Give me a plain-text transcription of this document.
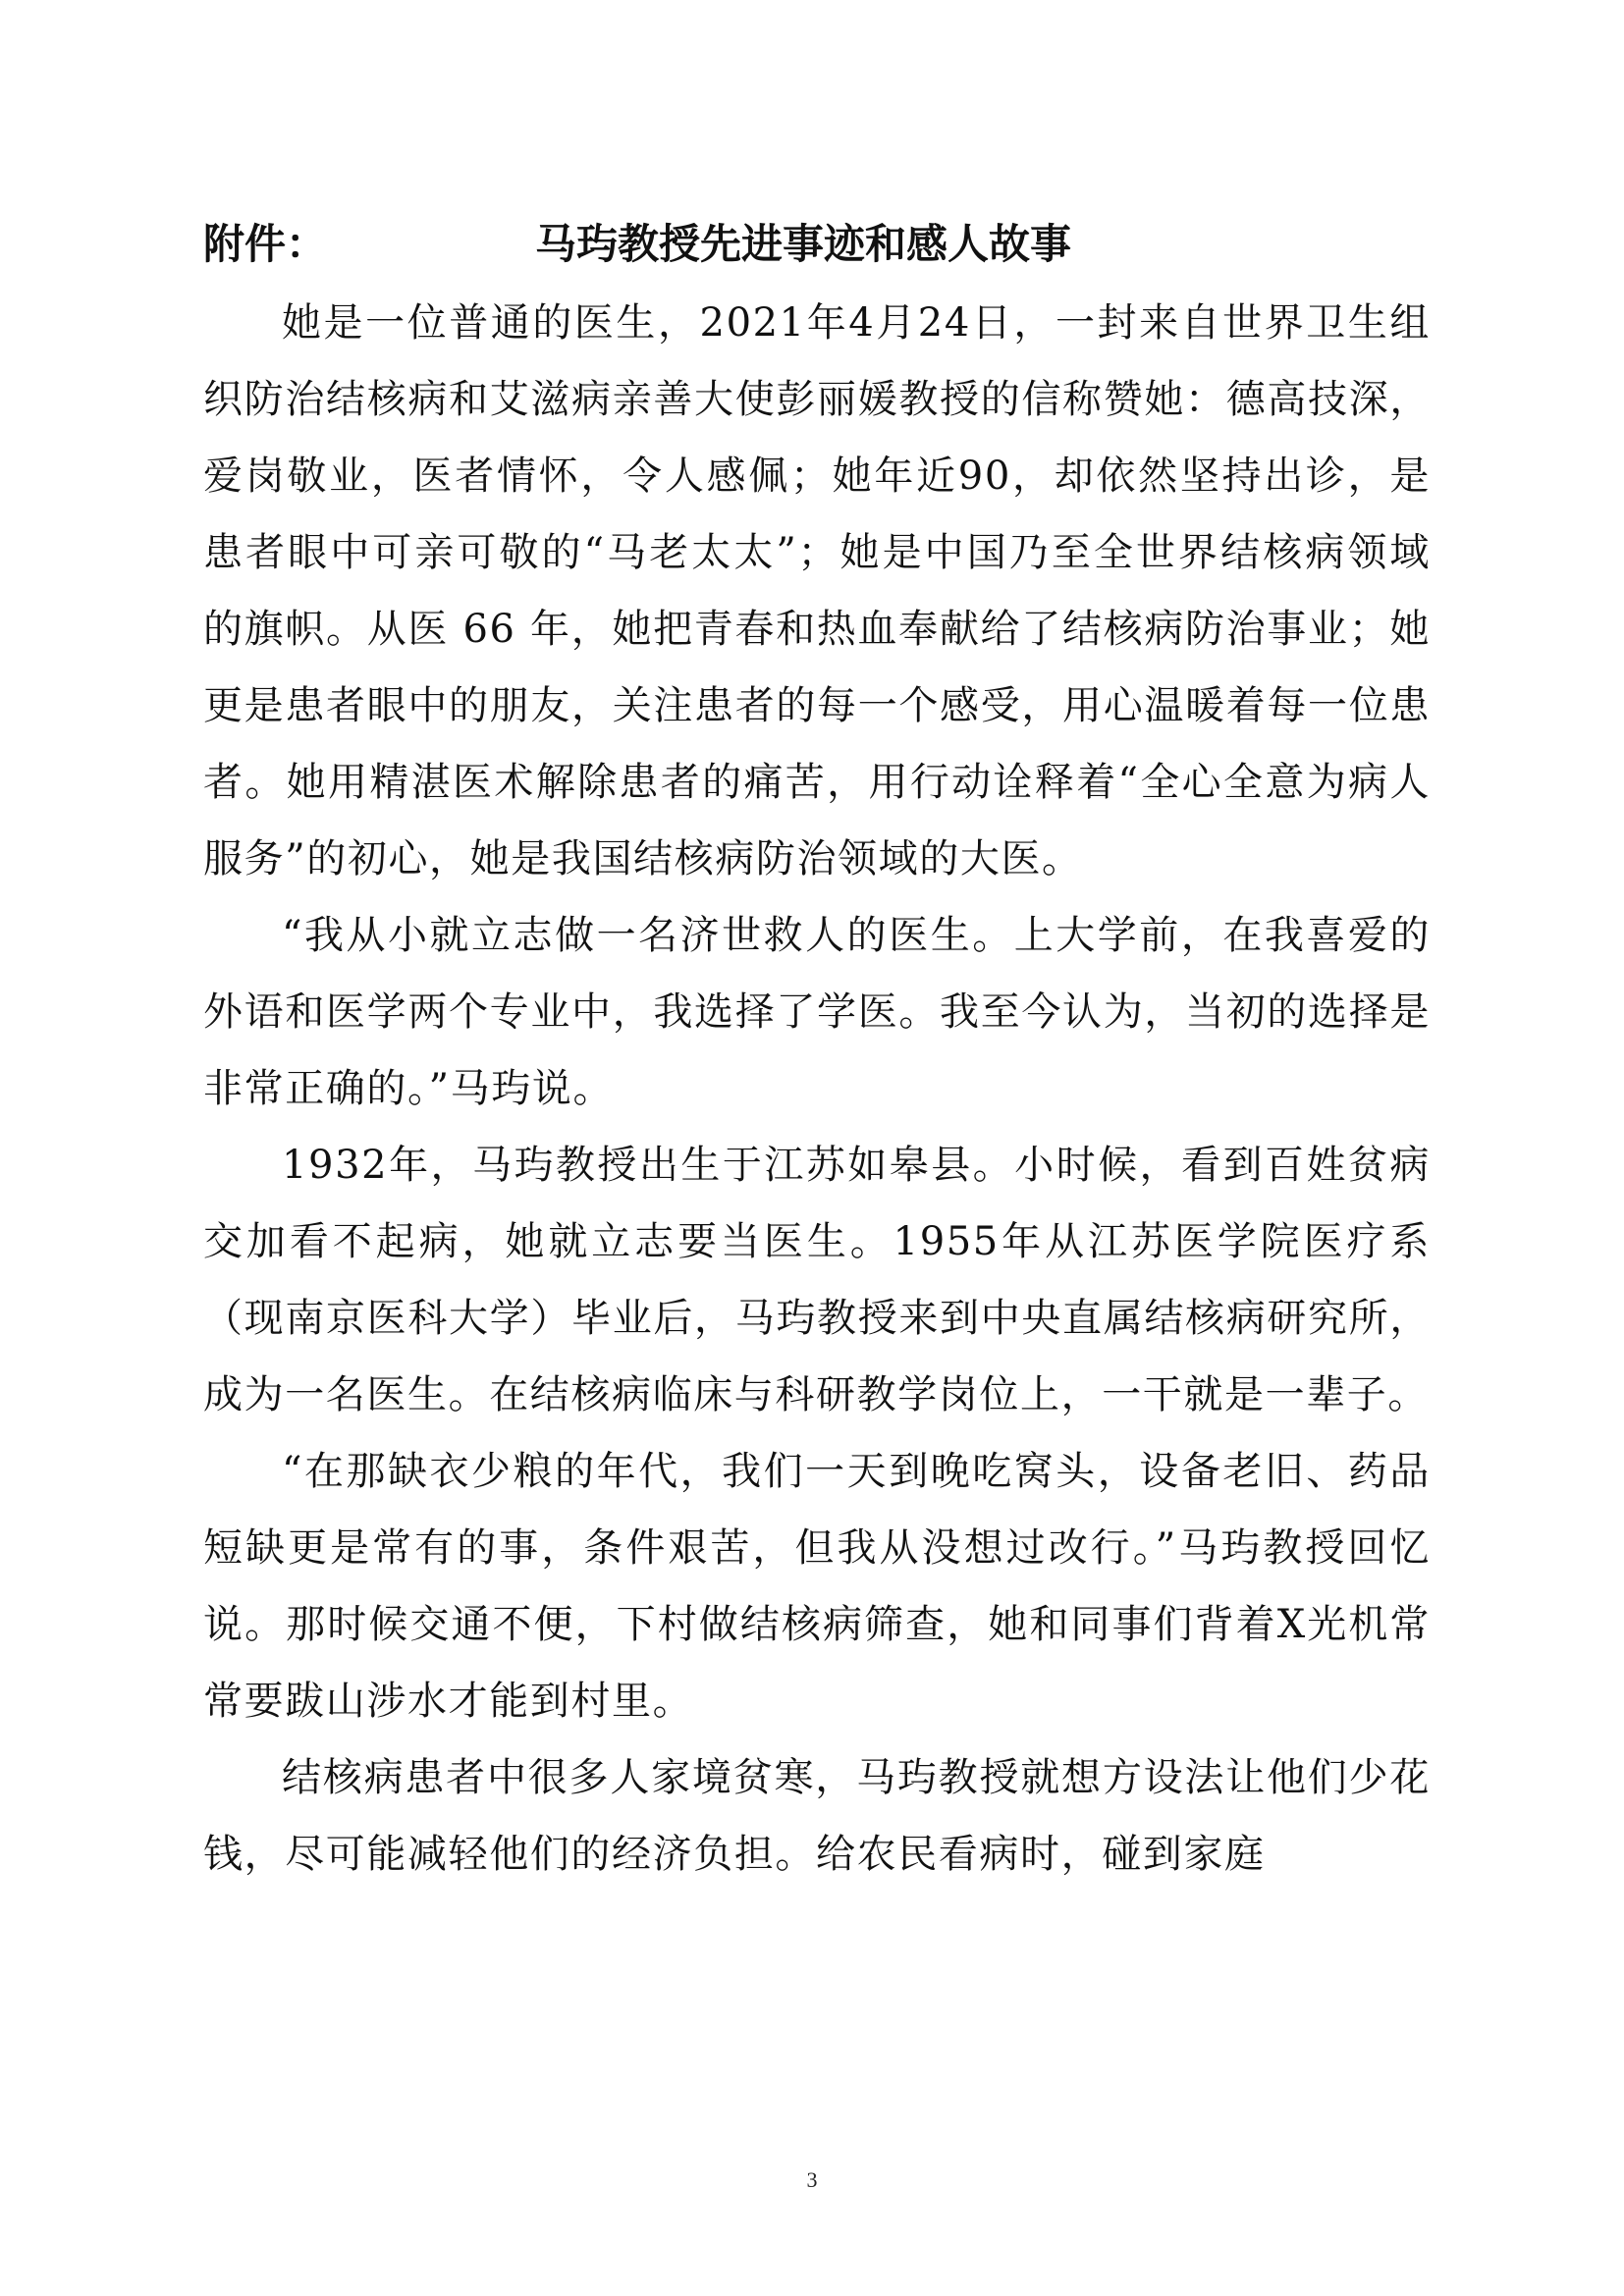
附件：	马玙教授先进事迹和感人故事

她是一位普通的医生，2021年4月24日，一封来自世界卫生组织防治结核病和艾滋病亲善大使彭丽媛教授的信称赞她：德高技深，爱岗敬业，医者情怀，令人感佩；她年近90，却依然坚持出诊，是患者眼中可亲可敬的“马老太太”；她是中国乃至全世界结核病领域的旗帜。从医 66 年，她把青春和热血奉献给了结核病防治事业；她更是患者眼中的朋友，关注患者的每一个感受，用心温暖着每一位患者。她用精湛医术解除患者的痛苦，用行动诠释着“全心全意为病人服务”的初心，她是我国结核病防治领域的大医。

“我从小就立志做一名济世救人的医生。上大学前，在我喜爱的外语和医学两个专业中，我选择了学医。我至今认为，当初的选择是非常正确的。”马玙说。

1932年，马玙教授出生于江苏如皋县。小时候，看到百姓贫病交加看不起病，她就立志要当医生。1955年从江苏医学院医疗系（现南京医科大学）毕业后，马玙教授来到中央直属结核病研究所，成为一名医生。在结核病临床与科研教学岗位上，一干就是一辈子。

“在那缺衣少粮的年代，我们一天到晚吃窝头，设备老旧、药品短缺更是常有的事，条件艰苦，但我从没想过改行。”马玙教授回忆说。那时候交通不便，下村做结核病筛查，她和同事们背着X光机常常要跋山涉水才能到村里。

结核病患者中很多人家境贫寒，马玙教授就想方设法让他们少花钱，尽可能减轻他们的经济负担。给农民看病时，碰到家庭

3
